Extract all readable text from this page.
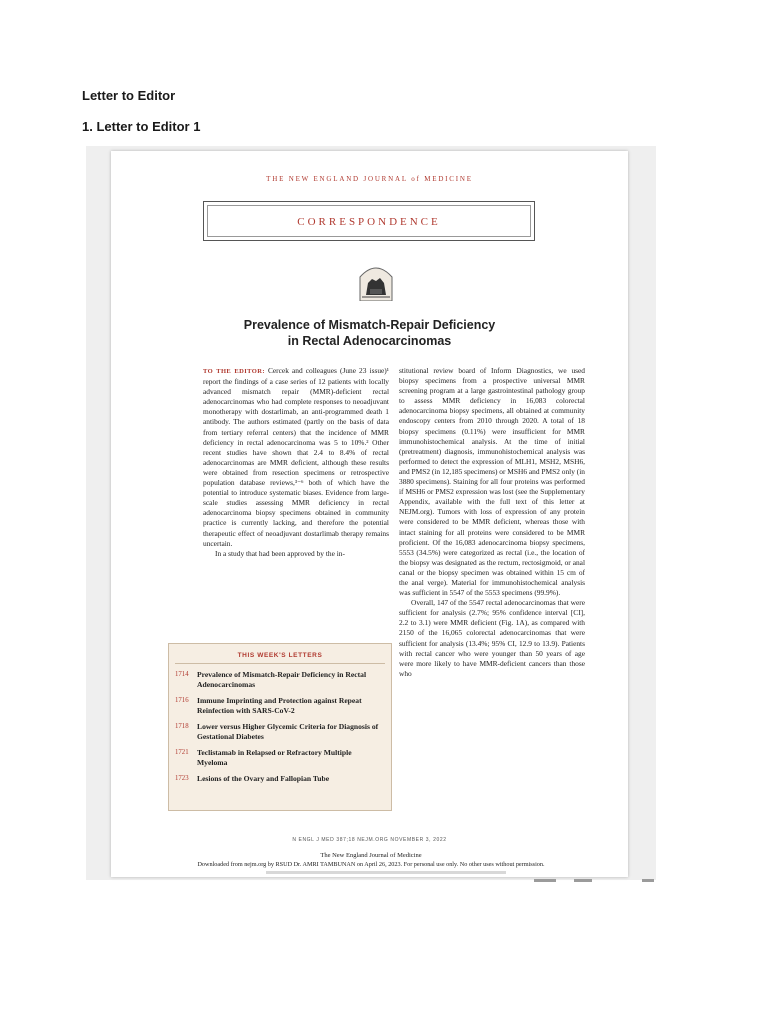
Letter to Editor
1. Letter to Editor 1
THE NEW ENGLAND JOURNAL of MEDICINE
CORRESPONDENCE
Prevalence of Mismatch-Repair Deficiency
in Rectal Adenocarcinomas

TO THE EDITOR: Cercek and colleagues (June 23 issue)¹ report the findings of a case series of 12 patients with locally advanced mismatch repair (MMR)-deficient rectal adenocarcinomas who had complete responses to neoadjuvant monotherapy with dostarlimab, an anti-programmed death 1 antibody. The authors estimated (partly on the basis of data from tertiary referral centers) that the incidence of MMR deficiency in rectal adenocarcinoma was 5 to 10%.² Other recent studies have shown that 2.4 to 8.4% of rectal adenocarcinomas are MMR deficient, although these results were obtained from resection specimens or retrospective population database reviews,³⁻⁶ both of which have the potential to introduce systematic biases. Evidence from large-scale studies assessing MMR deficiency in rectal adenocarcinoma biopsy specimens obtained in community practice is currently lacking, and therefore the potential therapeutic effect of neoadjuvant dostarlimab therapy remains uncertain.

In a study that had been approved by the in-

stitutional review board of Inform Diagnostics, we used biopsy specimens from a prospective universal MMR screening program at a large gastrointestinal pathology group to assess MMR deficiency in 16,083 colorectal adenocarcinoma biopsy specimens, all obtained at community endoscopy centers from 2010 through 2020. A total of 18 biopsy specimens (0.11%) were insufficient for MMR immunohistochemical analysis. At the time of initial (pretreatment) diagnosis, immunohistochemical analysis was performed to detect the expression of MLH1, MSH2, MSH6, and PMS2 (in 12,185 specimens) or MSH6 and PMS2 only (in 3880 specimens). Staining for all four proteins was performed if MSH6 or PMS2 expression was lost (see the Supplementary Appendix, available with the full text of this letter at NEJM.org). Tumors with loss of expression of any protein were considered to be MMR deficient, whereas those with intact staining for all proteins were considered to be MMR proficient. Of the 16,083 adenocarcinoma biopsy specimens, 5553 (34.5%) were categorized as rectal (i.e., the location of the biopsy was designated as the rectum, rectosigmoid, or anal canal or the biopsy specimen was obtained within 15 cm of the anal verge). Material for immunohistochemical analysis was sufficient in 5547 of the 5553 specimens (99.9%).

Overall, 147 of the 5547 rectal adenocarcinomas that were sufficient for analysis (2.7%; 95% confidence interval [CI], 2.2 to 3.1) were MMR deficient (Fig. 1A), as compared with 2150 of the 16,065 colorectal adenocarcinomas that were sufficient for analysis (13.4%; 95% CI, 12.9 to 13.9). Patients with rectal cancer who were younger than 50 years of age were more likely to have MMR-deficient cancers than those who

THIS WEEK'S LETTERS
1714	Prevalence of Mismatch-Repair Deficiency in Rectal Adenocarcinomas
1716	Immune Imprinting and Protection against Repeat Reinfection with SARS-CoV-2
1718	Lower versus Higher Glycemic Criteria for Diagnosis of Gestational Diabetes
1721	Teclistamab in Relapsed or Refractory Multiple Myeloma
1723	Lesions of the Ovary and Fallopian Tube
N ENGL J MED 387;18 NEJM.ORG NOVEMBER 3, 2022
The New England Journal of Medicine
Downloaded from nejm.org by RSUD Dr. AMRI TAMBUNAN on April 26, 2023. For personal use only. No other uses without permission.
